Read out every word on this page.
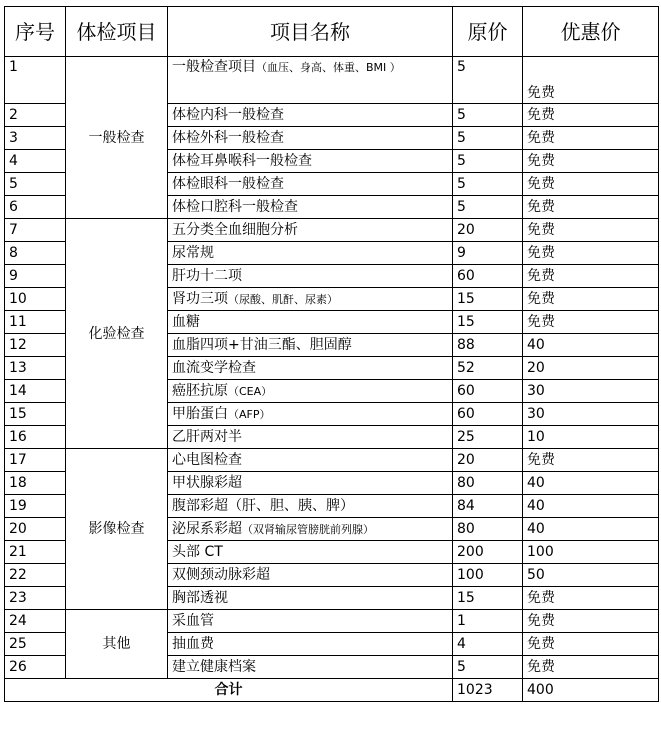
序号	体检项目	项目名称	原价	优惠价
1	一般检查	一般检查项目（血压、身高、体重、BMI ）	5	免费
2		体检内科一般检查	5	免费
3		体检外科一般检查	5	免费
4		体检耳鼻喉科一般检查	5	免费
5		体检眼科一般检查	5	免费
6		体检口腔科一般检查	5	免费
7	化验检查	五分类全血细胞分析	20	免费
8		尿常规	9	免费
9		肝功十二项	60	免费
10		肾功三项（尿酸、肌酐、尿素）	15	免费
11		血糖	15	免费
12		血脂四项+甘油三酯、胆固醇	88	40
13		血流变学检查	52	20
14		癌胚抗原（CEA）	60	30
15		甲胎蛋白（AFP）	60	30
16		乙肝两对半	25	10
17	影像检查	心电图检查	20	免费
18		甲状腺彩超	80	40
19		腹部彩超（肝、胆、胰、脾）	84	40
20		泌尿系彩超（双肾输尿管膀胱前列腺）	80	40
21		头部 CT	200	100
22		双侧颈动脉彩超	100	50
23		胸部透视	15	免费
24	其他	采血管	1	免费
25		抽血费	4	免费
26		建立健康档案	5	免费
合计			1023	400
